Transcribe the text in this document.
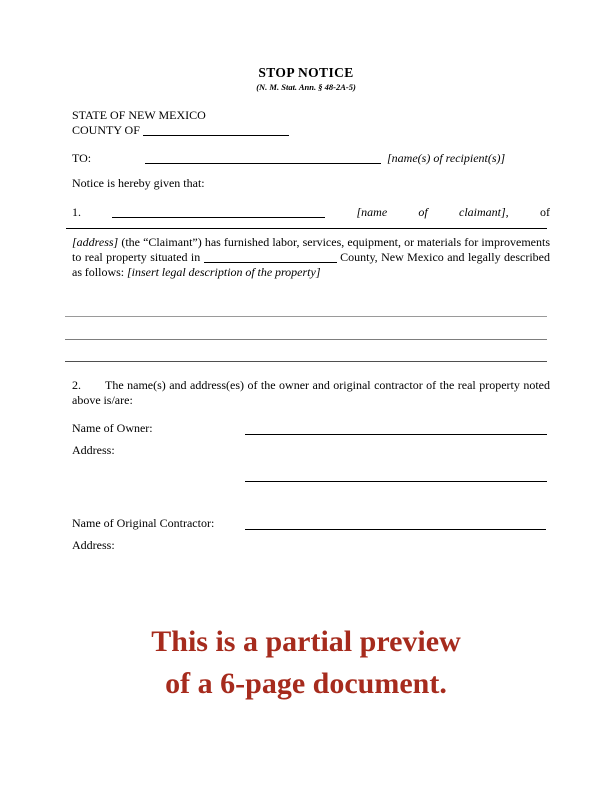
STOP NOTICE
(N. M. Stat. Ann. § 48-2A-5)
STATE OF NEW MEXICO
COUNTY OF
TO:	[name(s) of recipient(s)]
Notice is hereby given that:
1.	[name	of	claimant],	of

[address] (the “Claimant”) has furnished labor, services, equipment, or materials for improvements to real property situated in	County, New Mexico and legally described as follows: [insert legal description of the property]

2. The name(s) and address(es) of the owner and original contractor of the real property noted above is/are:

Name of Owner:
Address:
Name of Original Contractor:
Address:
This is a partial preview
of a 6-page document.
